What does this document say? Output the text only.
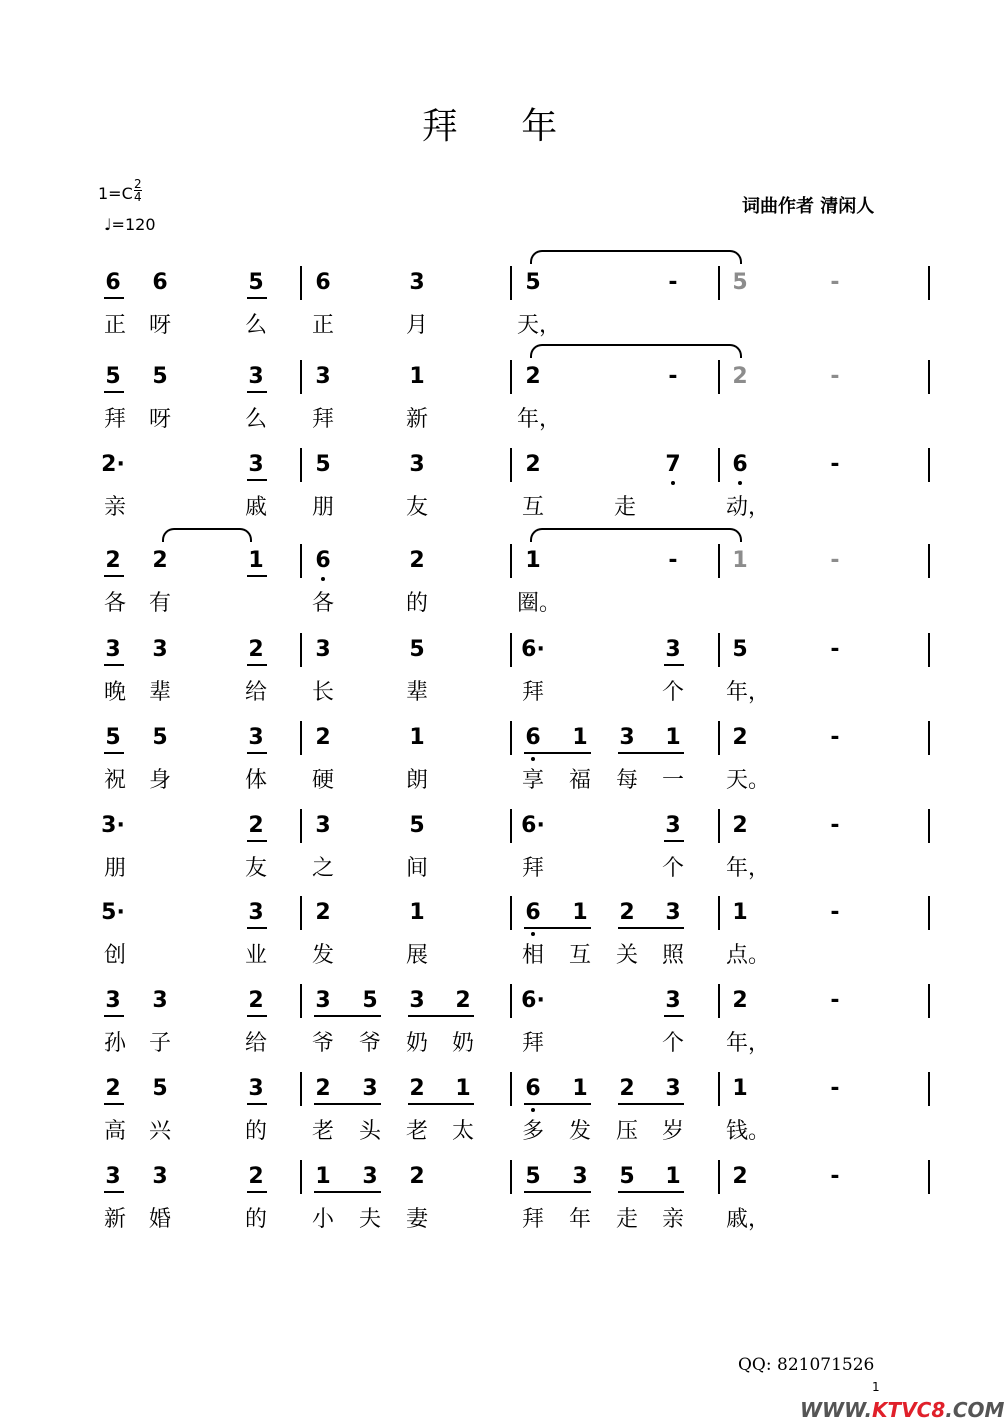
拜 年
$1=C \frac{2}{4}$
♩=120
词曲作者 清闲人
6	6	5	6	3	5	-	5	-
正 呀	么 正	月	天，
5	5	3	3	1	2	-	2	-
拜 呀	么 拜	新	年，
2·	3	5	3	2	7	6	-
亲	戚 朋	友	互	走	动，
2	2	1	6	2	1	-	1	-
各 有	各	的	圈。
3	3	2	3	5	6·	3	5	-
晚 辈	给 长	辈	拜	个 年，
5	5	3	2	1	6	1	3	1	2	-
祝 身	体 硬	朗	享 福 每 一 天。
3·	2	3	5	6·	3	2	-
朋	友 之	间	拜	个 年，
5·	3	2	1	6	1	2	3	1	-
创	业 发	展	相 互 关 照 点。
3	3	2	3	5	3	2	6·	3	2	-
孙 子	给 爷 爷 奶 奶 拜	个 年，
2	5	3	2	3	2	1	6	1	2	3	1	-
高 兴	的 老 头 老 太 多 发 压 岁 钱。
3	3	2	1	3	2	5	3	5	1	2	-
新 婚	的 小 夫 妻	拜 年 走 亲 戚，
QQ: 821071526
1
WWW.KTVC8.COM
